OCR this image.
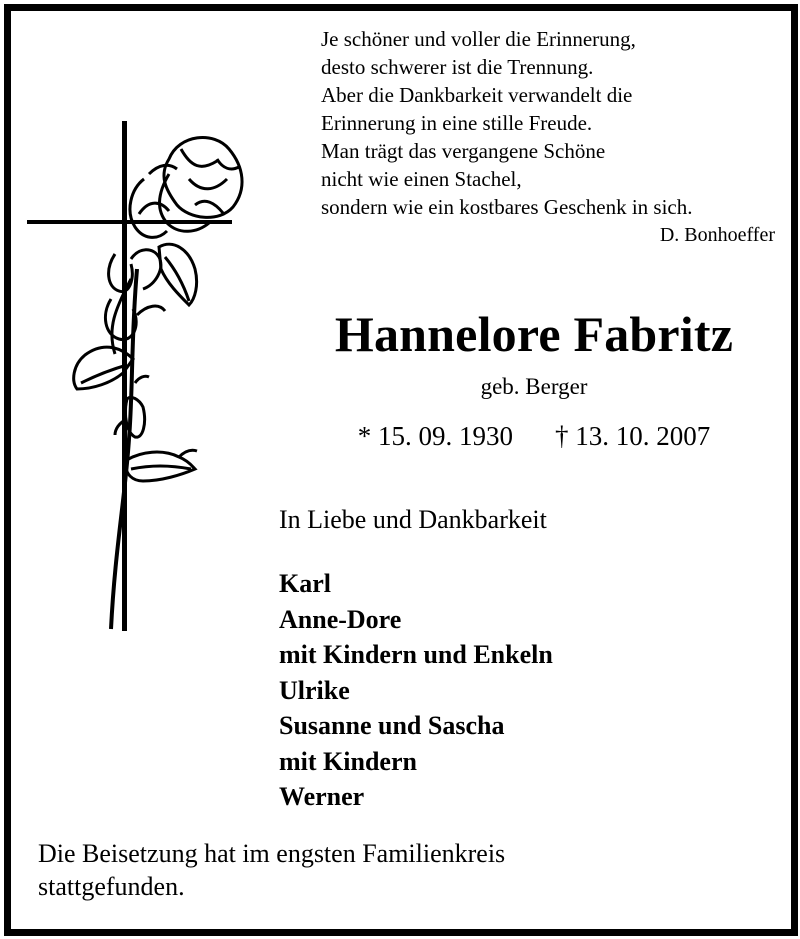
Je schöner und voller die Erinnerung,
desto schwerer ist die Trennung.
Aber die Dankbarkeit verwandelt die
Erinnerung in eine stille Freude.
Man trägt das vergangene Schöne
nicht wie einen Stachel,
sondern wie ein kostbares Geschenk in sich.
D. Bonhoeffer
Hannelore Fabritz
geb. Berger
* 15. 09. 1930 † 13. 10. 2007
In Liebe und Dankbarkeit
Karl
Anne-Dore
mit Kindern und Enkeln
Ulrike
Susanne und Sascha
mit Kindern
Werner
Die Beisetzung hat im engsten Familienkreis
stattgefunden.
